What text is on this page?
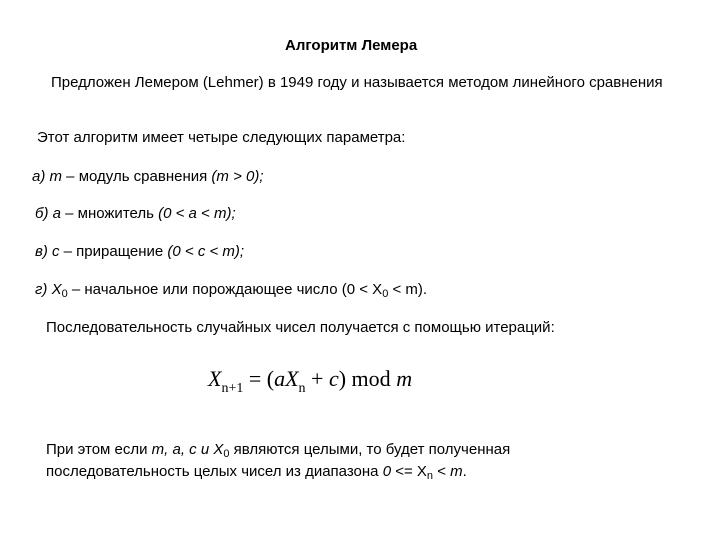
Алгоритм Лемера
Предложен Лемером (Lehmer) в 1949 году и называется методом линейного сравнения
Этот алгоритм имеет четыре следующих параметра:
а) m – модуль сравнения (m > 0);
б) а – множитель (0 < а < m);
в) с – приращение (0 < с < m);
г) $Х_0$ – начальное или порождающее число $(0 < Х_0 < m)$.
Последовательность случайных чисел получается с помощью итераций:
$X_{n+1} = (aX_n + c)$ mod m
При этом если m, а, с и $Х_0$ являются целыми, то будет полученная
последовательность целых чисел из диапазона $0 <= Х_n < m$.
